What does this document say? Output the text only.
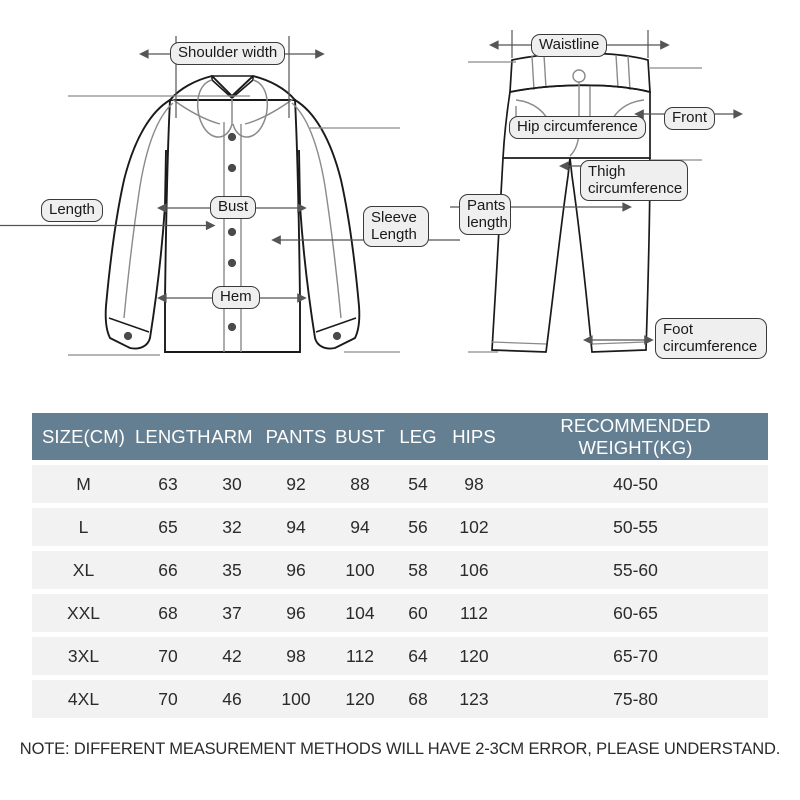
Shoulder width
Length	Bust
Hem
Sleeve
Length
Waistline
Hip circumference
Front
Thigh
circumference
Pants
length
Foot
circumference
SIZE(CM) LENGTH ARM PANTS BUST LEG HIPS
RECOMMENDED WEIGHT(KG)
M	63	30	92	88	54	98	40-50
L	65	32	94	94	56	102	50-55
XL	66	35	96	100	58	106	55-60
XXL	68	37	96	104	60	112	60-65
3XL	70	42	98	112	64	120	65-70
4XL	70	46	100	120	68	123	75-80
NOTE: DIFFERENT MEASUREMENT METHODS WILL HAVE 2-3CM ERROR, PLEASE UNDERSTAND.
